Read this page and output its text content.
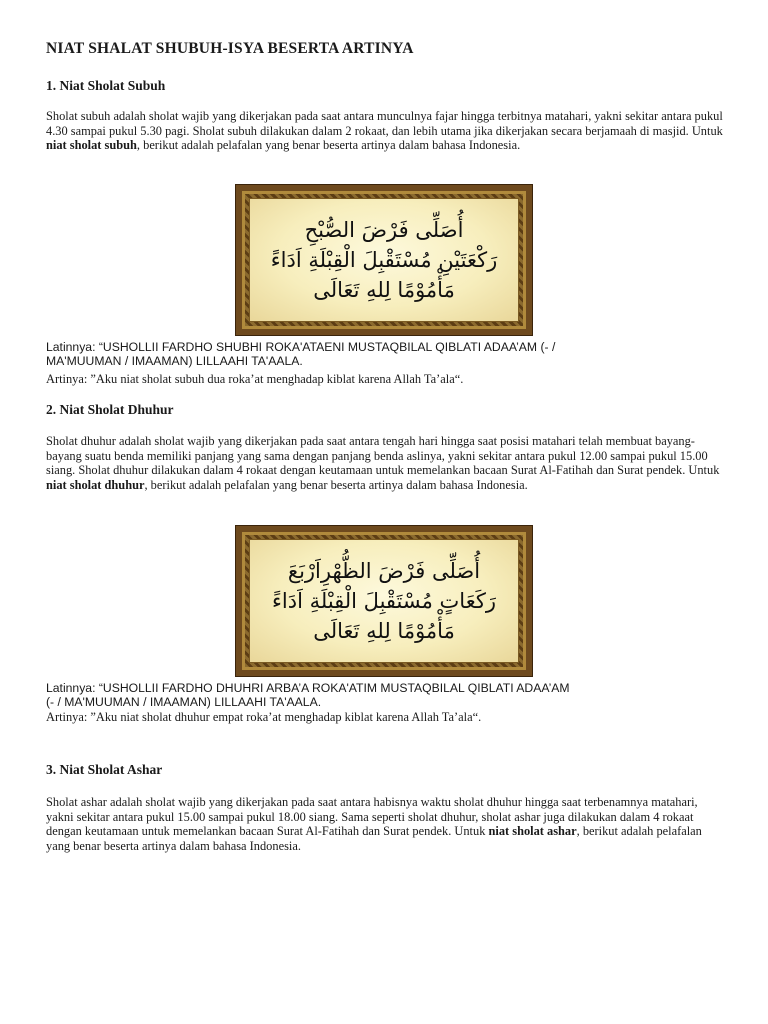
NIAT SHALAT SHUBUH-ISYA BESERTA ARTINYA
1. Niat Sholat Subuh

Sholat subuh adalah sholat wajib yang dikerjakan pada saat antara munculnya fajar hingga terbitnya matahari, yakni sekitar antara pukul 4.30 sampai pukul 5.30 pagi. Sholat subuh dilakukan dalam 2 rokaat, dan lebih utama jika dikerjakan secara berjamaah di masjid. Untuk niat sholat subuh, berikut adalah pelafalan yang benar beserta artinya dalam bahasa Indonesia.

أُصَلِّى فَرْضَ الصُّبْحِ
رَكْعَتَيْنِ مُسْتَقْبِلَ الْقِبْلَةِ اَدَاءً
مَأْمُوْمًا لِلهِ تَعَالَى

Latinnya: “USHOLLII FARDHO SHUBHI ROKA'ATAENI MUSTAQBILAL QIBLATI ADAA’AM (- /
MA'MUUMAN / IMAAMAN) LILLAAHI TA'AALA.

Artinya: ”Aku niat sholat subuh dua roka’at menghadap kiblat karena Allah Ta’ala“.

2. Niat Sholat Dhuhur

Sholat dhuhur adalah sholat wajib yang dikerjakan pada saat antara tengah hari hingga saat posisi matahari telah membuat bayang-bayang suatu benda memiliki panjang yang sama dengan panjang benda aslinya, yakni sekitar antara pukul 12.00 sampai pukul 15.00 siang. Sholat dhuhur dilakukan dalam 4 rokaat dengan keutamaan untuk memelankan bacaan Surat Al-Fatihah dan Surat pendek. Untuk niat sholat dhuhur, berikut adalah pelafalan yang benar beserta artinya dalam bahasa Indonesia.

أُصَلِّى فَرْضَ الظُّهْرِاَرْبَعَ
رَكَعَاتٍ مُسْتَقْبِلَ الْقِبْلَةِ اَدَاءً
مَأْمُوْمًا لِلهِ تَعَالَى

Latinnya: “USHOLLII FARDHO DHUHRI ARBA’A ROKA'ATIM MUSTAQBILAL QIBLATI ADAA’AM
(- / MA'MUUMAN / IMAAMAN) LILLAAHI TA'AALA.

Artinya: ”Aku niat sholat dhuhur empat roka’at menghadap kiblat karena Allah Ta’ala“.

3. Niat Sholat Ashar

Sholat ashar adalah sholat wajib yang dikerjakan pada saat antara habisnya waktu sholat dhuhur hingga saat terbenamnya matahari, yakni sekitar antara pukul 15.00 sampai pukul 18.00 siang. Sama seperti sholat dhuhur, sholat ashar juga dilakukan dalam 4 rokaat dengan keutamaan untuk memelankan bacaan Surat Al-Fatihah dan Surat pendek. Untuk niat sholat ashar, berikut adalah pelafalan yang benar beserta artinya dalam bahasa Indonesia.
